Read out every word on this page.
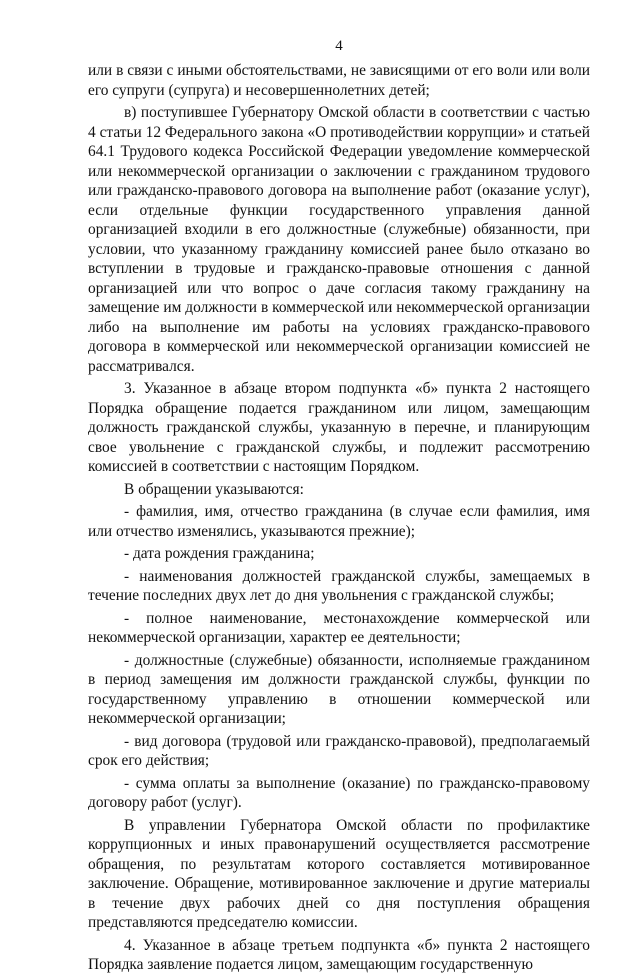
4

или в связи с иными обстоятельствами, не зависящими от его воли или воли его супруги (супруга) и несовершеннолетних детей;

в) поступившее Губернатору Омской области в соответствии с частью 4 статьи 12 Федерального закона «О противодействии коррупции» и статьей 64.1 Трудового кодекса Российской Федерации уведомление коммерческой или некоммерческой организации о заключении с гражданином трудового или гражданско-правового договора на выполнение работ (оказание услуг), если отдельные функции государственного управления данной организацией входили в его должностные (служебные) обязанности, при условии, что указанному гражданину комиссией ранее было отказано во вступлении в трудовые и гражданско-правовые отношения с данной организацией или что вопрос о даче согласия такому гражданину на замещение им должности в коммерческой или некоммерческой организации либо на выполнение им работы на условиях гражданско-правового договора в коммерческой или некоммерческой организации комиссией не рассматривался.

3. Указанное в абзаце втором подпункта «б» пункта 2 настоящего Порядка обращение подается гражданином или лицом, замещающим должность гражданской службы, указанную в перечне, и планирующим свое увольнение с гражданской службы, и подлежит рассмотрению комиссией в соответствии с настоящим Порядком.

В обращении указываются:

- фамилия, имя, отчество гражданина (в случае если фамилия, имя или отчество изменялись, указываются прежние);

- дата рождения гражданина;

- наименования должностей гражданской службы, замещаемых в течение последних двух лет до дня увольнения с гражданской службы;

- полное наименование, местонахождение коммерческой или некоммерческой организации, характер ее деятельности;

- должностные (служебные) обязанности, исполняемые гражданином в период замещения им должности гражданской службы, функции по государственному управлению в отношении коммерческой или некоммерческой организации;

- вид договора (трудовой или гражданско-правовой), предполагаемый срок его действия;

- сумма оплаты за выполнение (оказание) по гражданско-правовому договору работ (услуг).

В управлении Губернатора Омской области по профилактике коррупционных и иных правонарушений осуществляется рассмотрение обращения, по результатам которого составляется мотивированное заключение. Обращение, мотивированное заключение и другие материалы в течение двух рабочих дней со дня поступления обращения представляются председателю комиссии.

4. Указанное в абзаце третьем подпункта «б» пункта 2 настоящего Порядка заявление подается лицом, замещающим государственную
